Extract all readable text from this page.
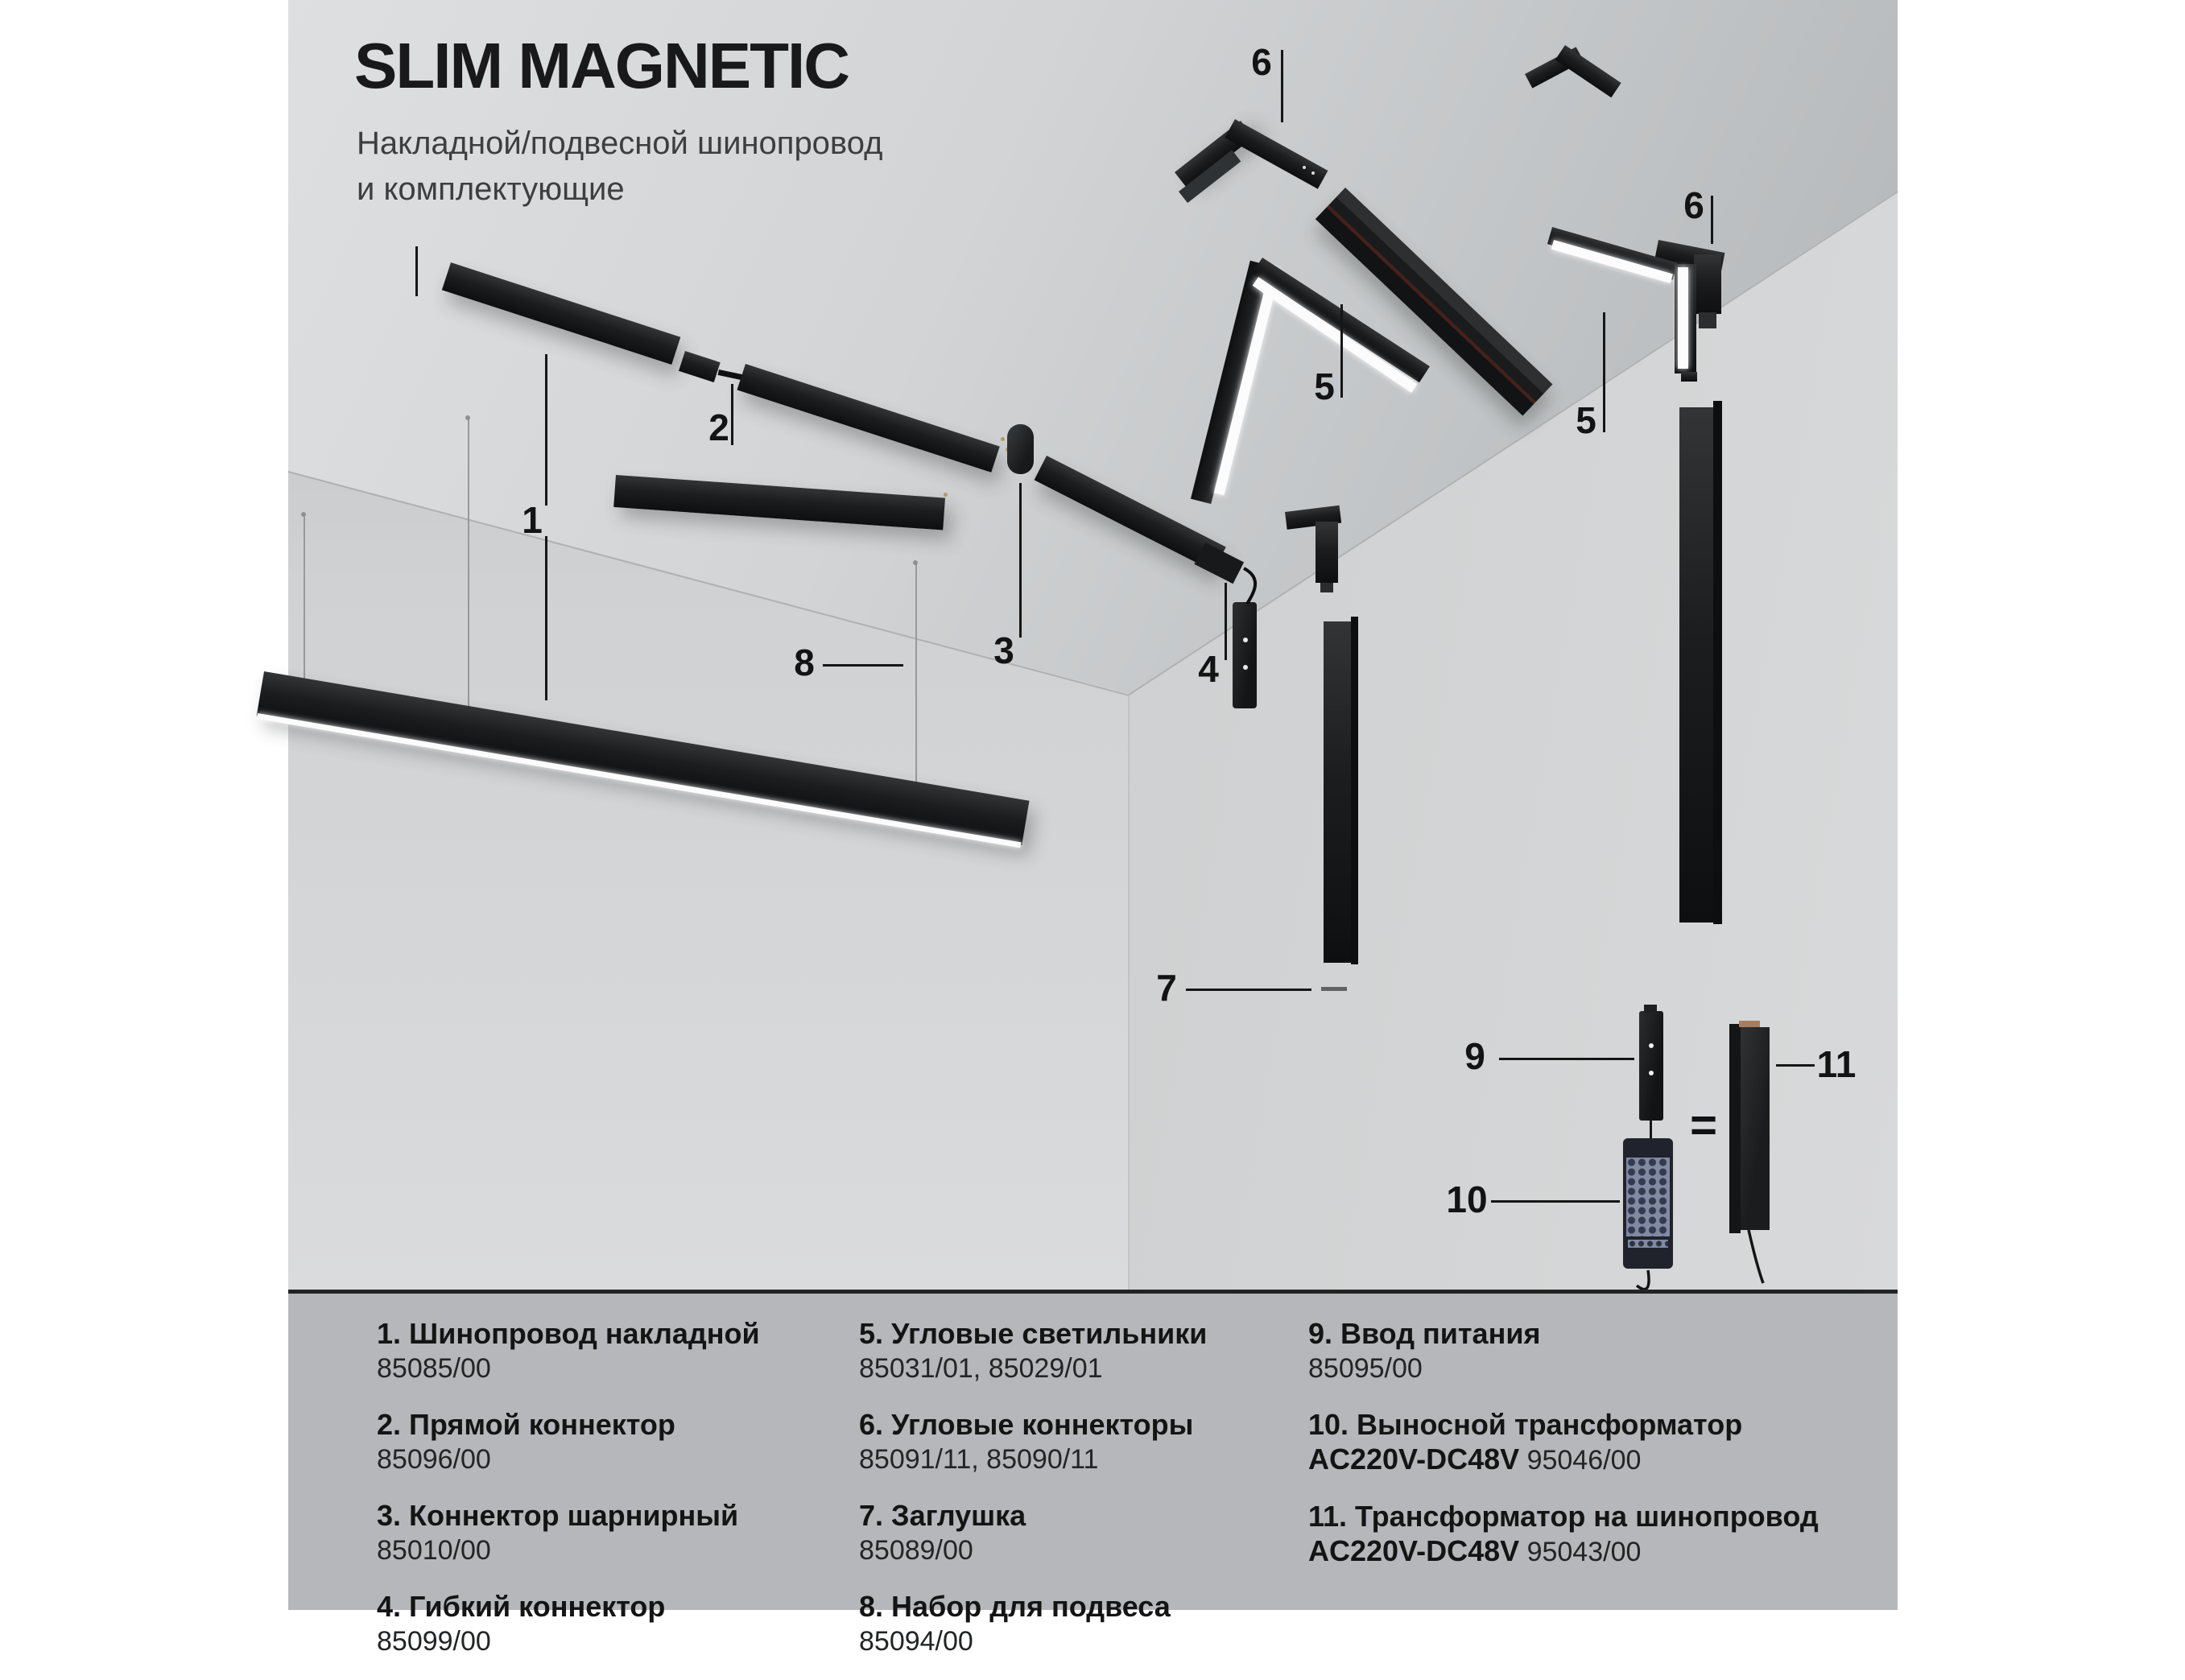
SLIM MAGNETIC
Накладной/подвесной шинопровод
и комплектующие
1
2
3	4
5
5
6
6
7
8
9
10
11
=
1. Шинопровод накладной
85085/00
2. Прямой коннектор
85096/00
3. Коннектор шарнирный
85010/00
4. Гибкий коннектор
85099/00
5. Угловые светильники
85031/01, 85029/01
6. Угловые коннекторы
85091/11, 85090/11
7. Заглушка
85089/00
8. Набор для подвеса
85094/00
9. Ввод питания
85095/00
10. Выносной трансформатор
AC220V-DC48V 95046/00
11. Трансформатор на шинопровод
AC220V-DC48V 95043/00
